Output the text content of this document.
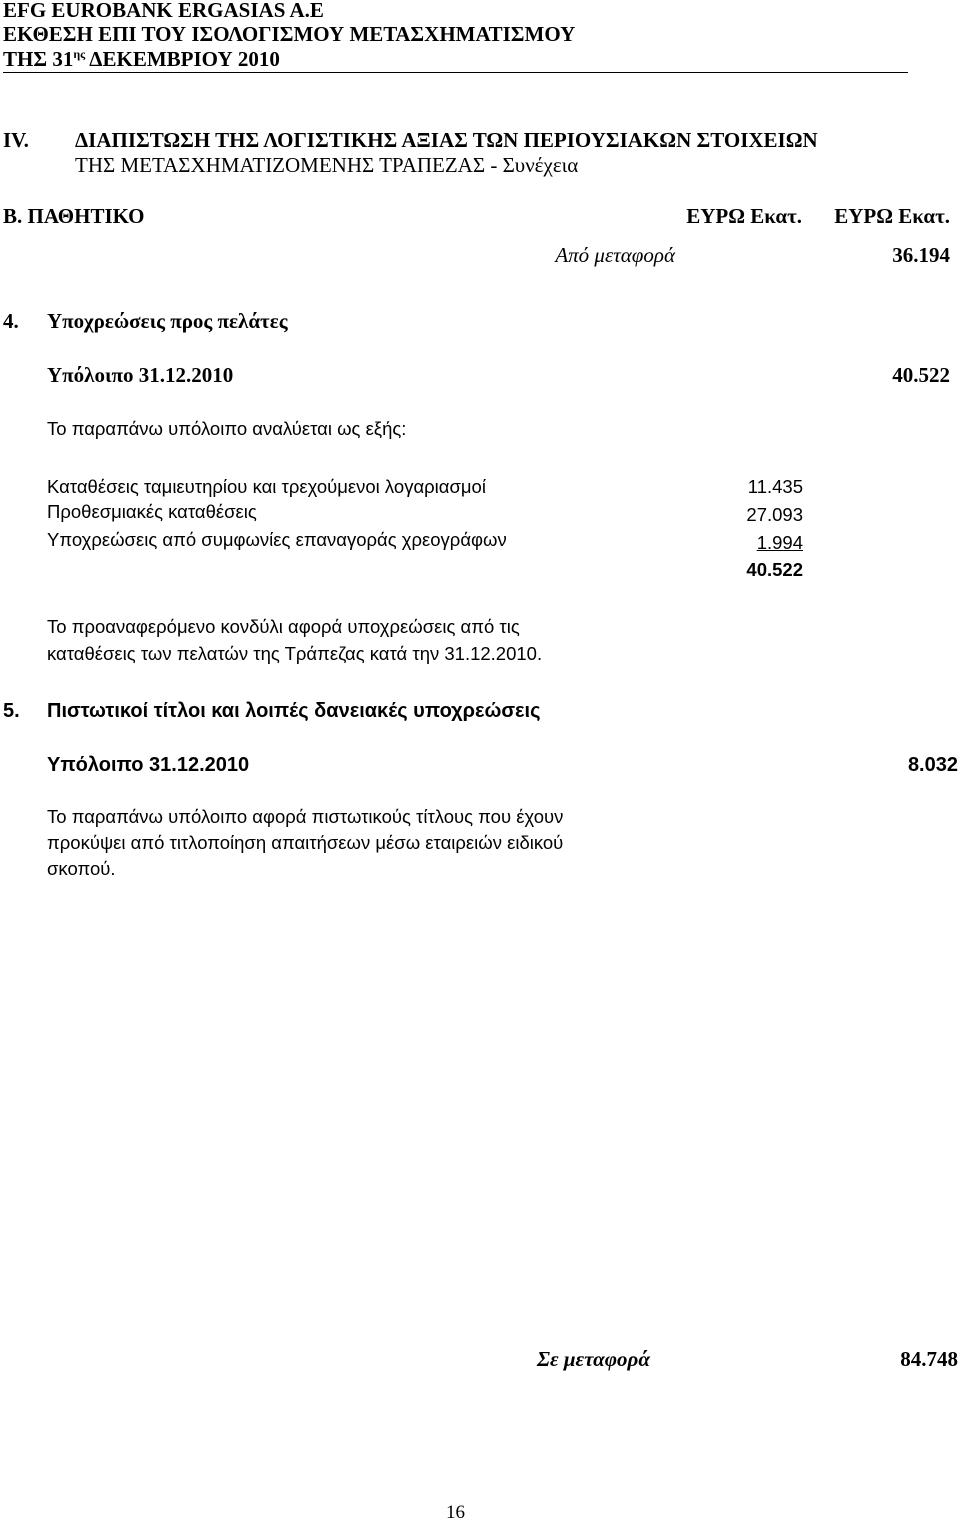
EFG EUROBANK ERGASIAS A.E
ΕΚΘΕΣΗ ΕΠΙ ΤΟΥ ΙΣΟΛΟΓΙΣΜΟΥ ΜΕΤΑΣΧΗΜΑΤΙΣΜΟΥ
ΤΗΣ $31^{\eta\varsigma}$ ΔΕΚΕΜΒΡΙΟΥ 2010
IV. ΔΙΑΠΙΣΤΩΣΗ ΤΗΣ ΛΟΓΙΣΤΙΚΗΣ ΑΞΙΑΣ ΤΩΝ ΠΕΡΙΟΥΣΙΑΚΩΝ ΣΤΟΙΧΕΙΩΝ
ΤΗΣ ΜΕΤΑΣΧΗΜΑΤΙΖΟΜΕΝΗΣ ΤΡΑΠΕΖΑΣ - Συνέχεια
B. ΠΑΘΗΤΙΚΟ	ΕΥΡΩ Εκατ.	ΕΥΡΩ Εκατ.
Από μεταφορά	36.194
4. Υποχρεώσεις προς πελάτες
Υπόλοιπο 31.12.2010	40.522
Το παραπάνω υπόλοιπο αναλύεται ως εξής:
Καταθέσεις ταμιευτηρίου και τρεχούμενοι λογαριασμοί	11.435
Προθεσμιακές καταθέσεις	27.093
Υποχρεώσεις από συμφωνίες επαναγοράς χρεογράφων	1.994
40.522
Το προαναφερόμενο κονδύλι αφορά υποχρεώσεις από τις
καταθέσεις των πελατών της Τράπεζας κατά την 31.12.2010.
5. Πιστωτικοί τίτλοι και λοιπές δανειακές υποχρεώσεις
Υπόλοιπο 31.12.2010	8.032
Το παραπάνω υπόλοιπο αφορά πιστωτικούς τίτλους που έχουν
προκύψει από τιτλοποίηση απαιτήσεων μέσω εταιρειών ειδικού
σκοπού.
Σε μεταφορά	84.748
16
